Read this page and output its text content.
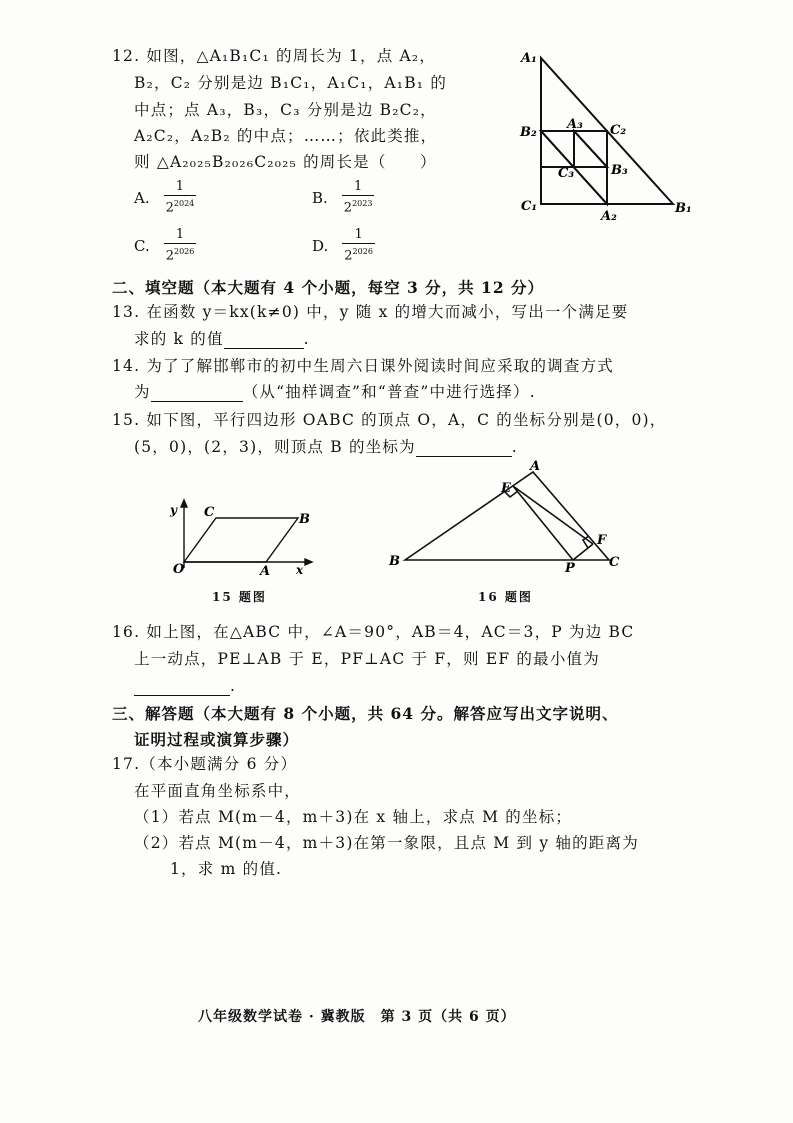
12. 如图，△A₁B₁C₁ 的周长为 1，点 A₂，
B₂，C₂ 分别是边 B₁C₁，A₁C₁，A₁B₁ 的
中点；点 A₃，B₃，C₃ 分别是边 B₂C₂，
A₂C₂，A₂B₂ 的中点；……；依此类推，
则 △A₂₀₂₅B₂₀₂₆C₂₀₂₅ 的周长是（　　）
A. $\frac{1}{2^{2024}}$	B. $\frac{1}{2^{2023}}$
C. $\frac{1}{2^{2026}}$	D. $\frac{1}{2^{2026}}$
A₁
B₁
C₁
A₂
B₂	C₂
A₃
B₃
C₃
二、填空题（本大题有 4 个小题，每空 3 分，共 12 分）
13. 在函数 y＝kx(k≠0) 中，y 随 x 的增大而减小，写出一个满足要
求的 k 的值	.
14. 为了了解邯郸市的初中生周六日课外阅读时间应采取的调查方式
为	（从“抽样调查”和“普查”中进行选择）.
15. 如下图，平行四边形 OABC 的顶点 O，A，C 的坐标分别是(0，0)，
(5，0)，(2，3)，则顶点 B 的坐标为	.
y
x
O	A
B
C
15 题图
A
B	C
E
F
P
16 题图
16. 如上图，在△ABC 中，∠A＝90°，AB＝4，AC＝3，P 为边 BC
上一动点，PE⊥AB 于 E，PF⊥AC 于 F，则 EF 的最小值为
.
三、解答题（本大题有 8 个小题，共 64 分。解答应写出文字说明、
证明过程或演算步骤）
17.（本小题满分 6 分）
在平面直角坐标系中，
（1）若点 M(m－4，m＋3)在 x 轴上，求点 M 的坐标；
（2）若点 M(m－4，m＋3)在第一象限，且点 M 到 y 轴的距离为
1，求 m 的值.
八年级数学试卷 · 冀教版　第 3 页（共 6 页）
